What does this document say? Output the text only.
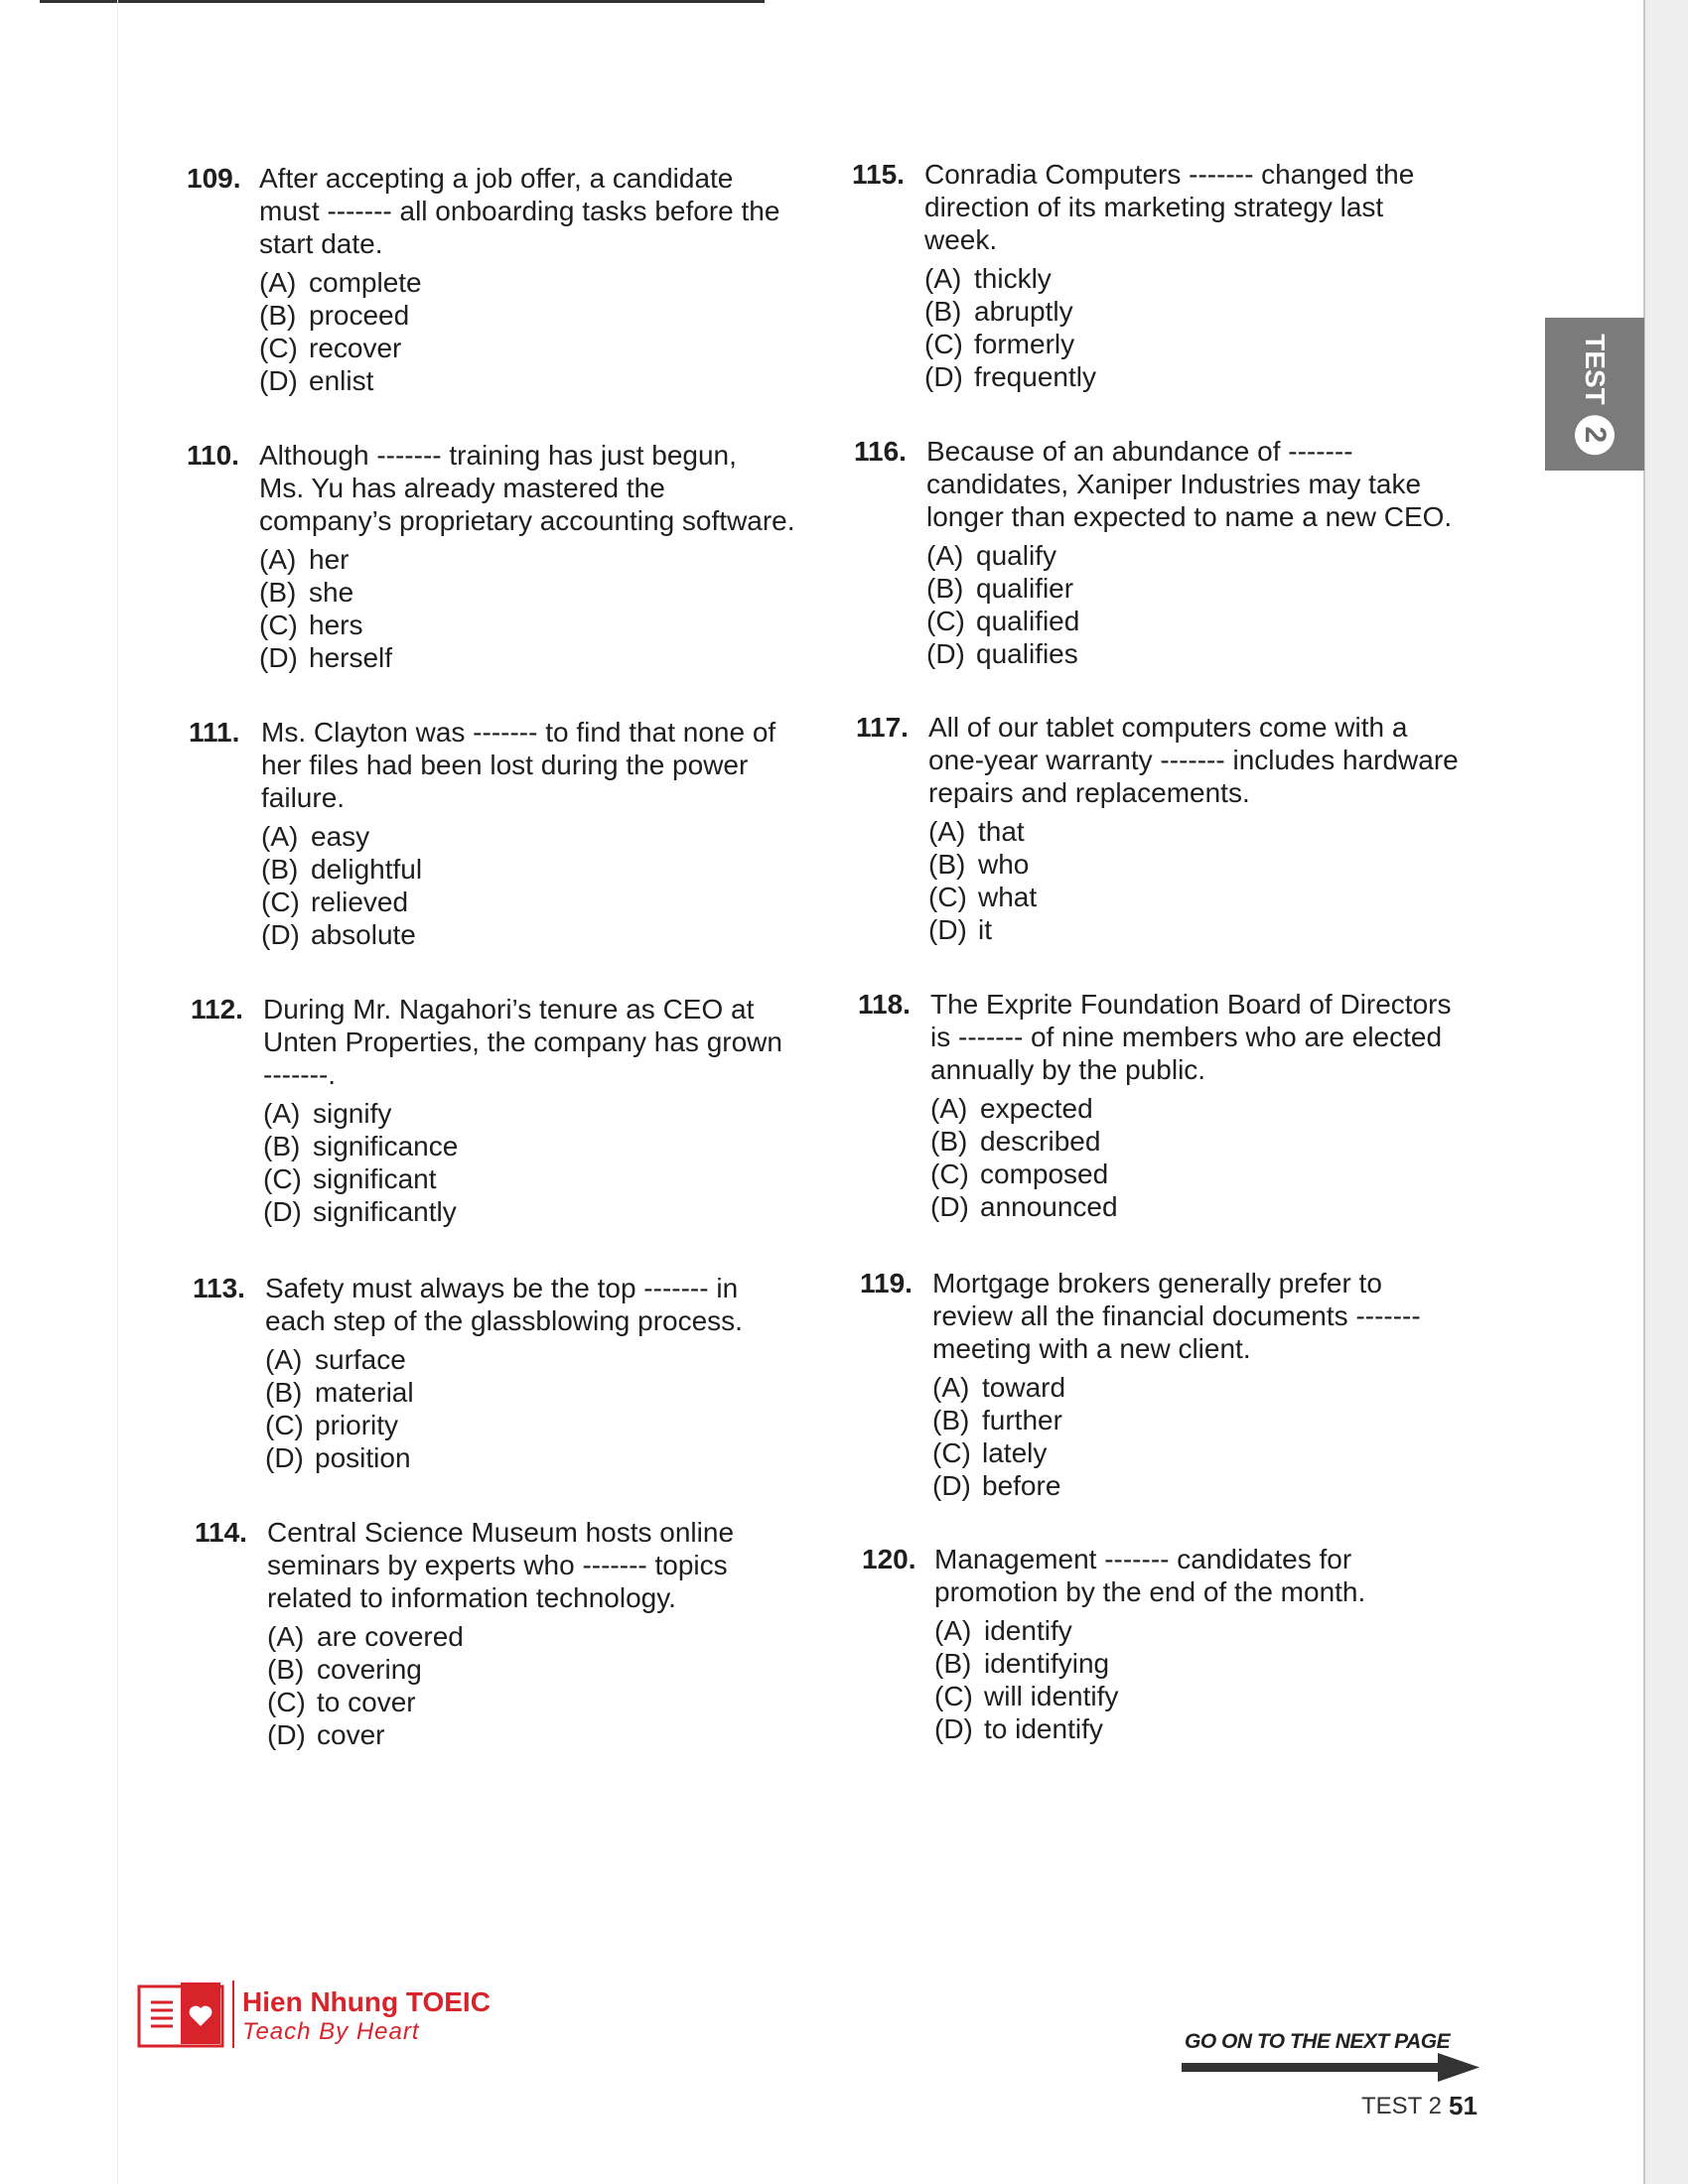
TEST
2
109. After accepting a job offer, a candidate
must ------- all onboarding tasks before the
start date.
(A) complete
(B) proceed
(C) recover
(D) enlist
110. Although ------- training has just begun,
Ms. Yu has already mastered the
company’s proprietary accounting software.
(A) her
(B) she
(C) hers
(D) herself
111. Ms. Clayton was ------- to find that none of
her files had been lost during the power
failure.
(A) easy
(B) delightful
(C) relieved
(D) absolute
112. During Mr. Nagahori’s tenure as CEO at
Unten Properties, the company has grown
-------.
(A) signify
(B) significance
(C) significant
(D) significantly
113. Safety must always be the top ------- in
each step of the glassblowing process.
(A) surface
(B) material
(C) priority
(D) position
114. Central Science Museum hosts online
seminars by experts who ------- topics
related to information technology.
(A) are covered
(B) covering
(C) to cover
(D) cover
115. Conradia Computers ------- changed the
direction of its marketing strategy last
week.
(A) thickly
(B) abruptly
(C) formerly
(D) frequently
116. Because of an abundance of -------
candidates, Xaniper Industries may take
longer than expected to name a new CEO.
(A) qualify
(B) qualifier
(C) qualified
(D) qualifies
117. All of our tablet computers come with a
one-year warranty ------- includes hardware
repairs and replacements.
(A) that
(B) who
(C) what
(D) it
118. The Exprite Foundation Board of Directors
is ------- of nine members who are elected
annually by the public.
(A) expected
(B) described
(C) composed
(D) announced
119. Mortgage brokers generally prefer to
review all the financial documents -------
meeting with a new client.
(A) toward
(B) further
(C) lately
(D) before
120. Management ------- candidates for
promotion by the end of the month.
(A) identify
(B) identifying
(C) will identify
(D) to identify
Hien Nhung TOEIC
Teach By Heart	GO ON TO THE NEXT PAGE
TEST 2 51
